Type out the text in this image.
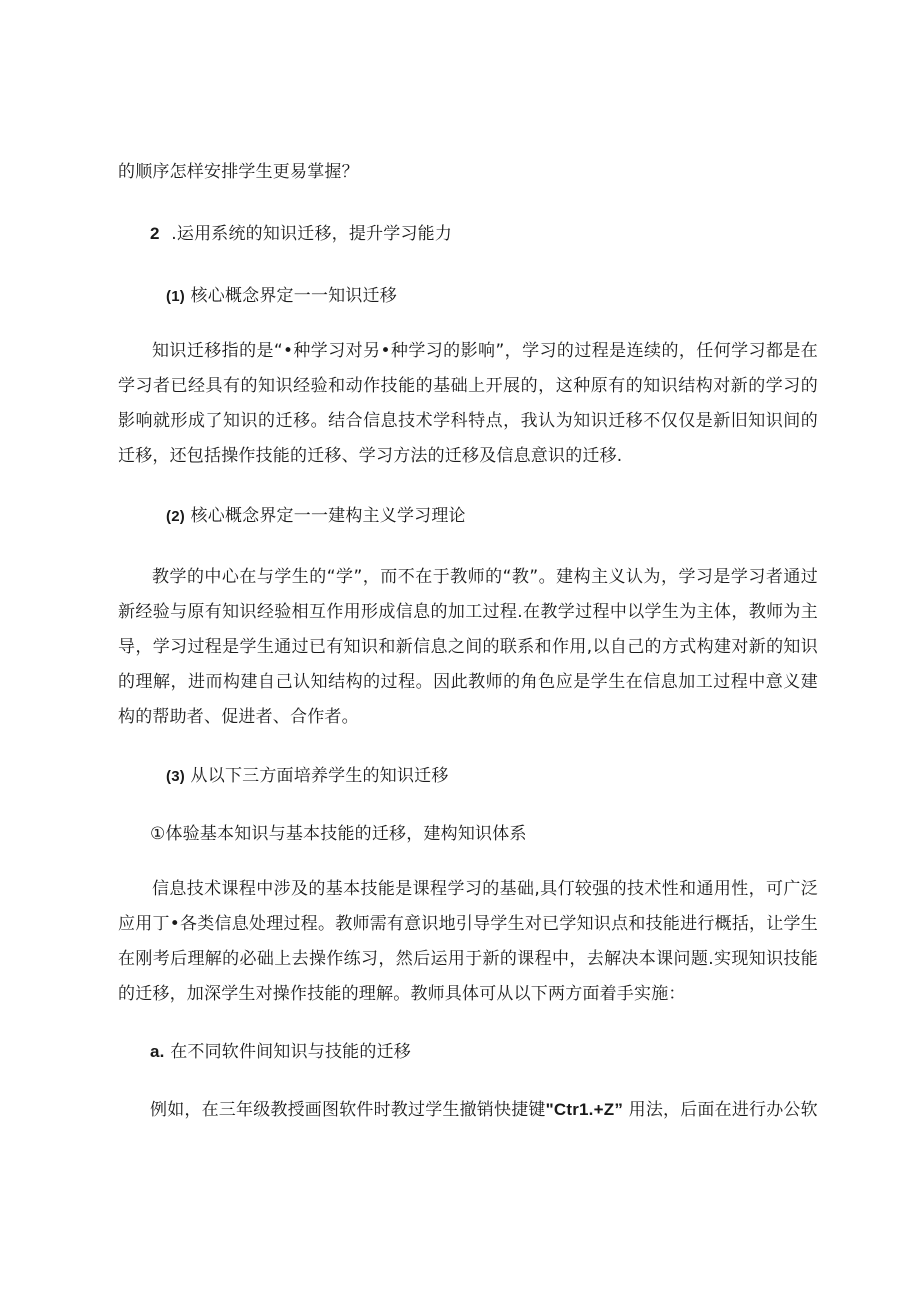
的顺序怎样安排学生更易掌握？
2 .运用系统的知识迁移，提升学习能力
(1) 核心概念界定一一知识迁移
知识迁移指的是“•种学习对另•种学习的影响”，学习的过程是连续的，任何学习都是在学习者已经具有的知识经验和动作技能的基础上开展的，这种原有的知识结构对新的学习的影响就形成了知识的迁移。结合信息技术学科特点，我认为知识迁移不仅仅是新旧知识间的迁移，还包括操作技能的迁移、学习方法的迁移及信息意识的迁移.
(2) 核心概念界定一一建构主义学习理论
教学的中心在与学生的“学”，而不在于教师的“教”。建构主义认为，学习是学习者通过新经验与原有知识经验相互作用形成信息的加工过程.在教学过程中以学生为主体，教师为主导，学习过程是学生通过已有知识和新信息之间的联系和作用,以自己的方式构建对新的知识的理解，进而构建自己认知结构的过程。因此教师的角色应是学生在信息加工过程中意义建构的帮助者、促进者、合作者。
(3) 从以下三方面培养学生的知识迁移
①体验基本知识与基本技能的迁移，建构知识体系
信息技术课程中涉及的基本技能是课程学习的基础,具仃较强的技术性和通用性，可广泛应用丁•各类信息处理过程。教师需有意识地引导学生对已学知识点和技能进行概括，让学生在刚考后理解的必础上去操作练习，然后运用于新的课程中，去解决本课问题.实现知识技能的迁移，加深学生对操作技能的理解。教师具体可从以下两方面着手实施：
a. 在不同软件间知识与技能的迁移
例如，在三年级教授画图软件时教过学生撤销快捷键"Ctr1.+Z” 用法，后面在进行办公软
